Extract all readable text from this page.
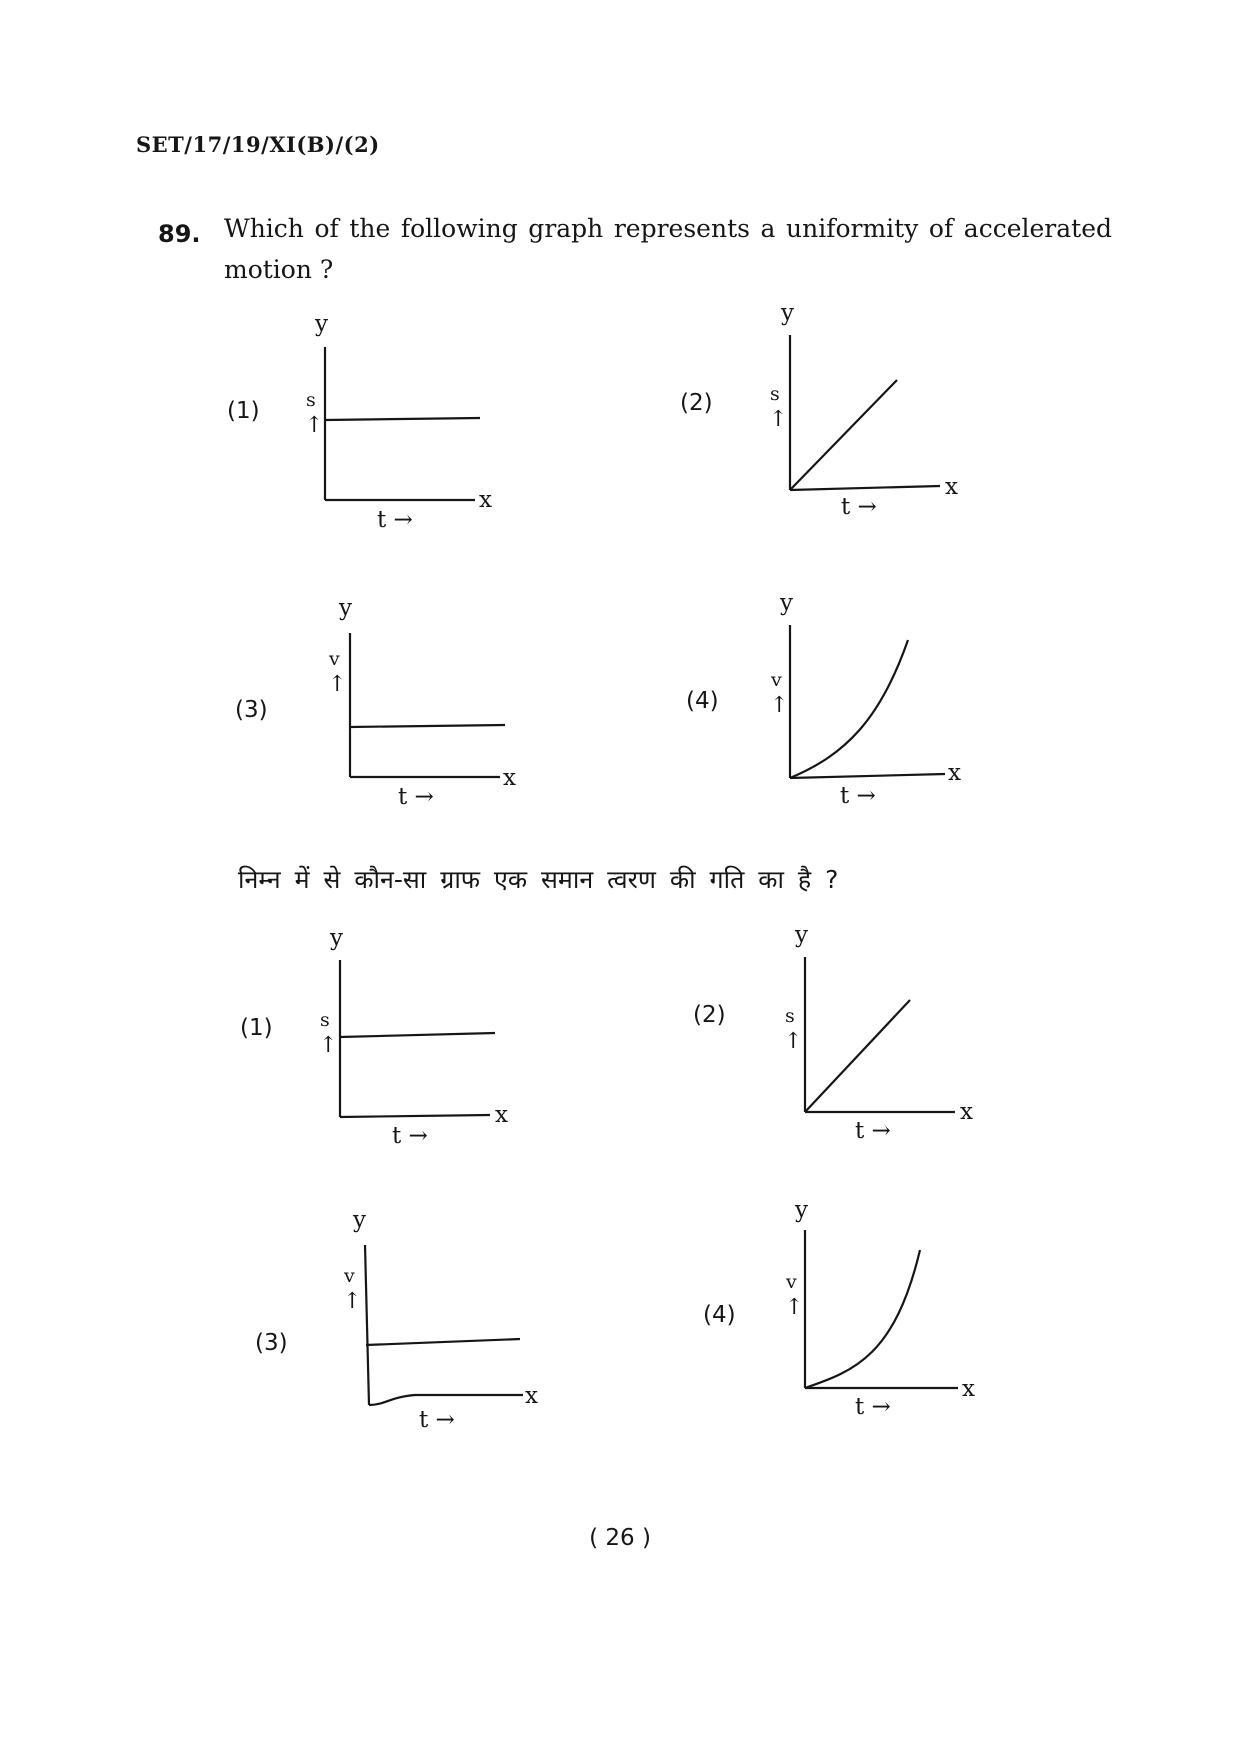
SET/17/19/XI(B)/(2)
89. Which of the following graph represents a uniformity of accelerated motion ?
(1)
y
x
s
↑
t →
(2)
y
x
s
↑
t →
(3)
y
x
v
↑
t →
(4)
y
x
v
↑
t →
निम्न में से कौन-सा ग्राफ एक समान त्वरण की गति का है ?
(1)
y
x
s
↑
t →
(2)
y
x
s
↑
t →
(3)
y
x
v
↑
t →
(4)
y
x
v
↑
t →
( 26 )
